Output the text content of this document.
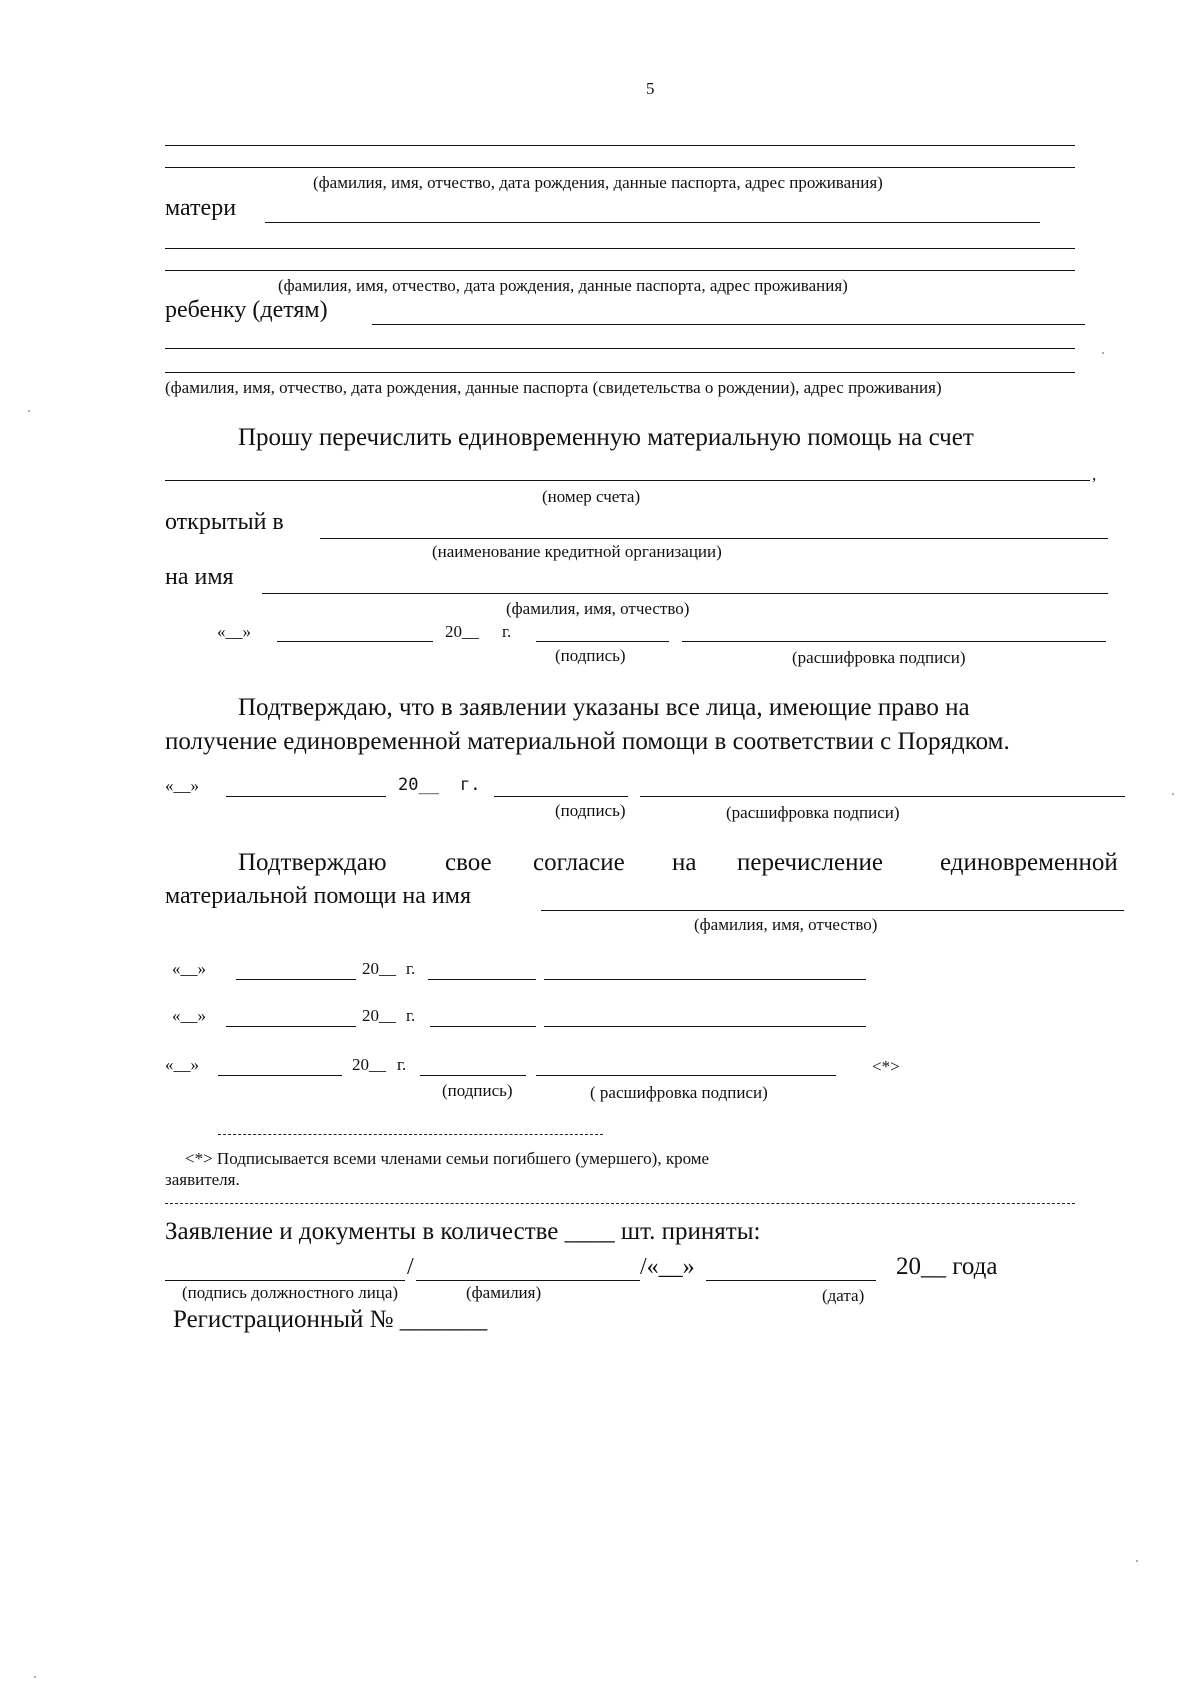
5
(фамилия, имя, отчество, дата рождения, данные паспорта, адрес проживания)
матери
(фамилия, имя, отчество, дата рождения, данные паспорта, адрес проживания)
ребенку (детям)
(фамилия, имя, отчество, дата рождения, данные паспорта (свидетельства о рождении), адрес проживания)
Прошу перечислить единовременную материальную помощь на счет
,
(номер счета)
открытый в
(наименование кредитной организации)
на имя
(фамилия, имя, отчество)
«__»	20__ г.
(подпись)	(расшифровка подписи)
Подтверждаю, что в заявлении указаны все лица, имеющие право на
получение единовременной материальной помощи в соответствии с Порядком.
«__»	20__ г.
(подпись)	(расшифровка подписи)
Подтверждаю свое согласие на перечисление единовременной
материальной помощи на имя
(фамилия, имя, отчество)
«__»	20__ г.
«__»	20__ г.
«__»	20__ г.	<*>
(подпись)	( расшифровка подписи)
<*> Подписывается всеми членами семьи погибшего (умершего), кроме
заявителя.
Заявление и документы в количестве ____ шт. приняты:
/	/«__»	20__ года
(подпись должностного лица)	(фамилия)	(дата)
Регистрационный № _______
